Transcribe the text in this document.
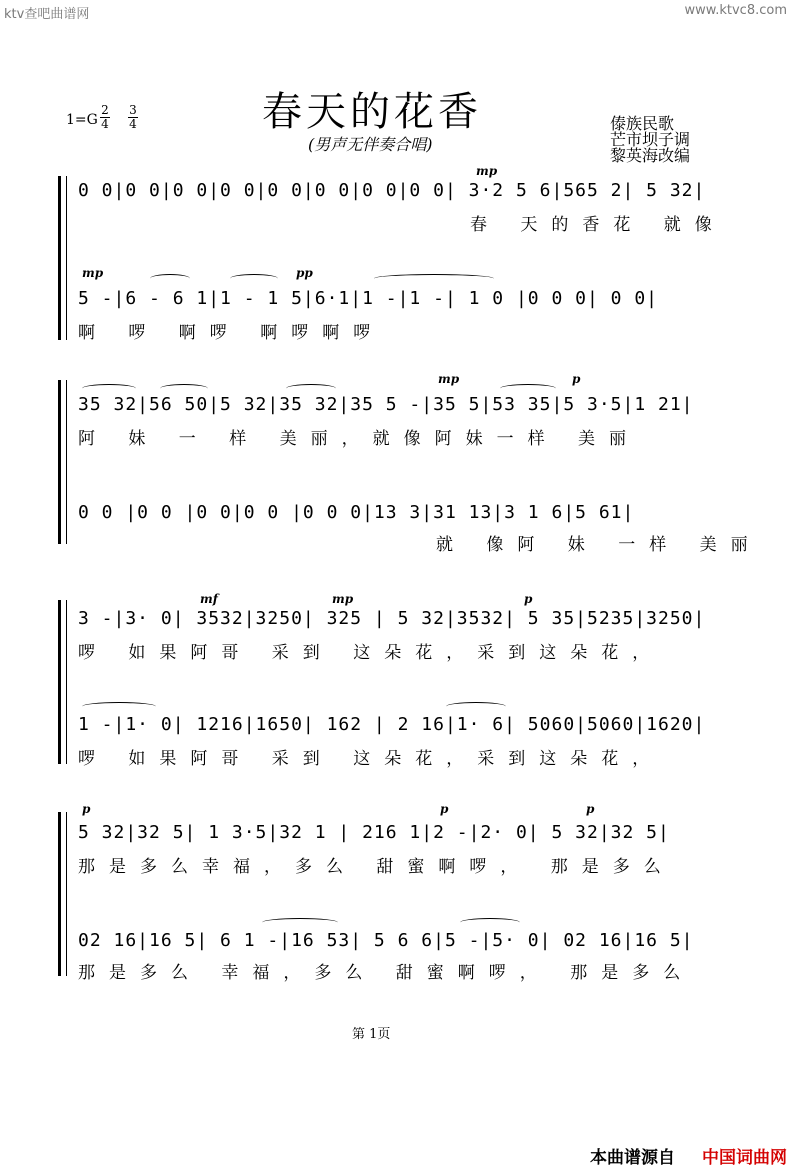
ktv查吧曲谱网	www.ktvc8.com
1=G
2
4
3
4	春天的花香
(男声无伴奏合唱)
傣族民歌
芒市坝子调
黎英海改编
mp
0 0|0 0|0 0|0 0|0 0|0 0|0 0|0 0| 3·2 5 6|565 2| 5 32|
春 天的香花 就像
mp	pp
5 -|6 - 6 1|1 - 1 5|6·1|1 -|1 -| 1 0 |0 0 0| 0 0|
啊 啰 啊啰 啊啰啊啰
mp	p
35 32|56 50|5 32|35 32|35 5 -|35 5|53 35|5 3·5|1 21|
阿 妹 一 样 美丽，就像阿妹一样 美丽
0 0 |0 0 |0 0|0 0 |0 0 0|13 3|31 13|3 1 6|5 61|
就 像阿 妹 一样 美丽
mf	mp	p
3 -|3· 0| 3532|3250| 325 | 5 32|3532| 5 35|5235|3250|
啰 如果阿哥 采到 这朵花，采到这朵花，
1 -|1· 0| 1216|1650| 162 | 2 16|1· 6| 5060|5060|1620|
啰 如果阿哥 采到 这朵花，采到这朵花，
p	p	p
5 32|32 5| 1 3·5|32 1 | 216 1|2 -|2· 0| 5 32|32 5|
那是多么幸福，多么 甜蜜啊啰， 那是多么
02 16|16 5| 6 1 -|16 53| 5 6 6|5 -|5· 0| 02 16|16 5|
那是多么 幸福，多么 甜蜜啊啰， 那是多么
第 1页
本曲谱源自 中国词曲网
